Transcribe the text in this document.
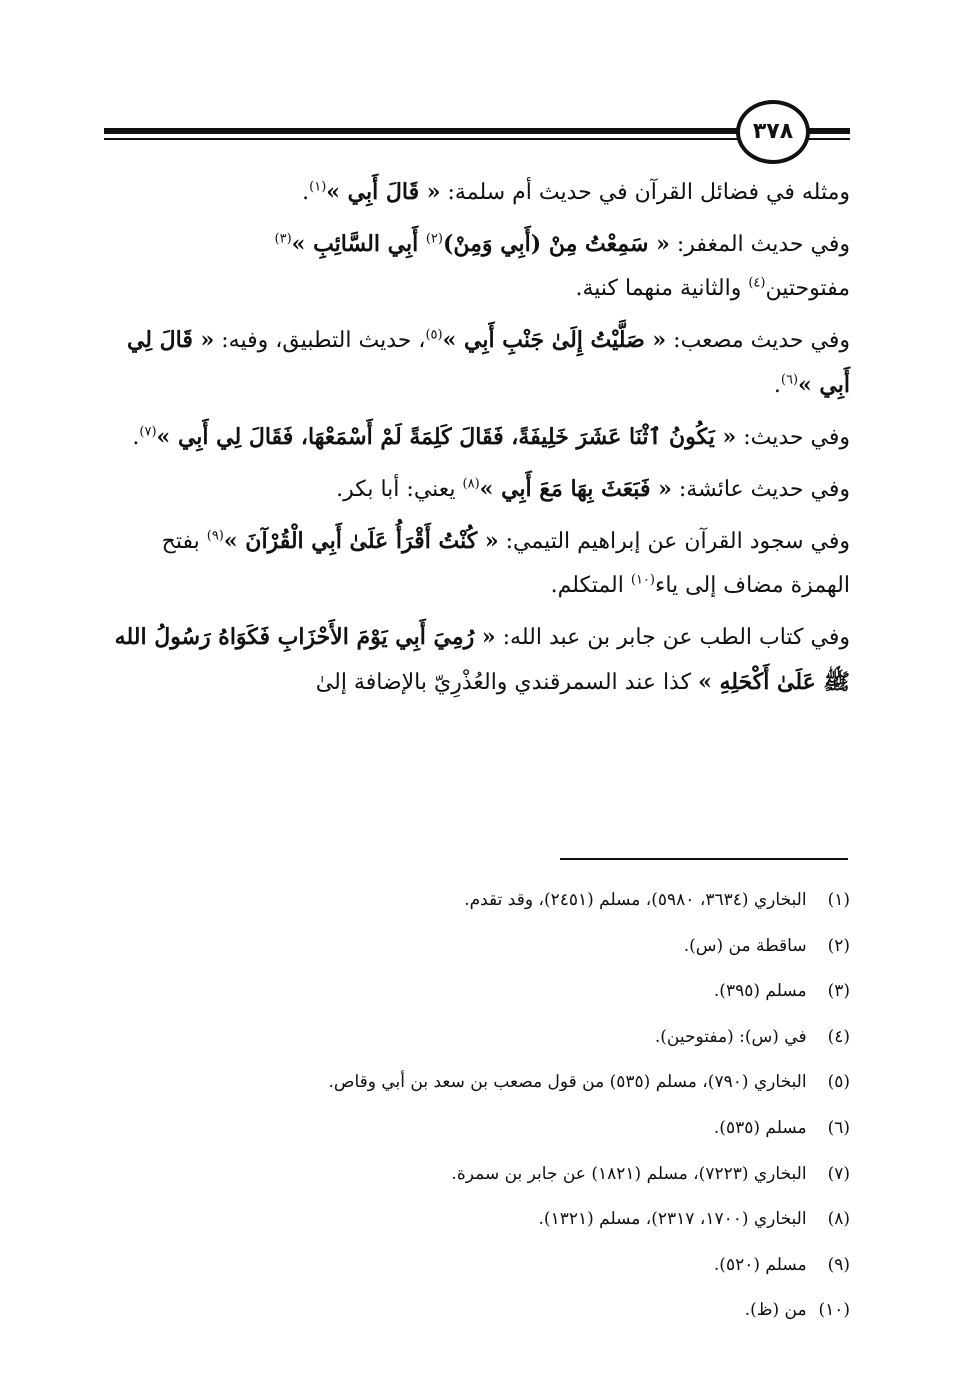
٣٧٨

ومثله في فضائل القرآن في حديث أم سلمة: « قَالَ أَبِي »$^{(١)}$.

وفي حديث المغفر: « سَمِعْتُ مِنْ (أَبِي وَمِنْ)$^{(٢)}$ أَبِي السَّائِبِ »$^{(٣)}$
مفتوحتين$^{(٤)}$ والثانية منهما كنية.

وفي حديث مصعب: « صَلَّيْتُ إِلَىٰ جَنْبِ أَبِي »$^{(٥)}$، حديث التطبيق، وفيه: « قَالَ لِي أَبِي »$^{(٦)}$.

وفي حديث: « يَكُونُ ٱثْنَا عَشَرَ خَلِيفَةً، فَقَالَ كَلِمَةً لَمْ أَسْمَعْهَا، فَقَالَ لِي أَبِي »$^{(٧)}$.

وفي حديث عائشة: « فَبَعَثَ بِهَا مَعَ أَبِي »$^{(٨)}$ يعني: أبا بكر.

وفي سجود القرآن عن إبراهيم التيمي: « كُنْتُ أَقْرَأُ عَلَىٰ أَبِي الْقُرْآنَ »$^{(٩)}$ بفتح الهمزة مضاف إلى ياء$^{(١٠)}$ المتكلم.

وفي كتاب الطب عن جابر بن عبد الله: « رُمِيَ أَبِي يَوْمَ الأَحْزَابِ فَكَوَاهُ رَسُولُ الله ﷺ عَلَىٰ أَكْحَلِهِ » كذا عند السمرقندي والعُذْرِيّ بالإضافة إلىٰ

(١) البخاري (٣٦٣٤، ٥٩٨٠)، مسلم (٢٤٥١)، وقد تقدم.

(٢) ساقطة من (س).

(٣) مسلم (٣٩٥).

(٤) في (س): (مفتوحين).

(٥) البخاري (٧٩٠)، مسلم (٥٣٥) من قول مصعب بن سعد بن أبي وقاص.

(٦) مسلم (٥٣٥).

(٧) البخاري (٧٢٢٣)، مسلم (١٨٢١) عن جابر بن سمرة.

(٨) البخاري (١٧٠٠، ٢٣١٧)، مسلم (١٣٢١).

(٩) مسلم (٥٢٠).

(١٠) من (ظ).
